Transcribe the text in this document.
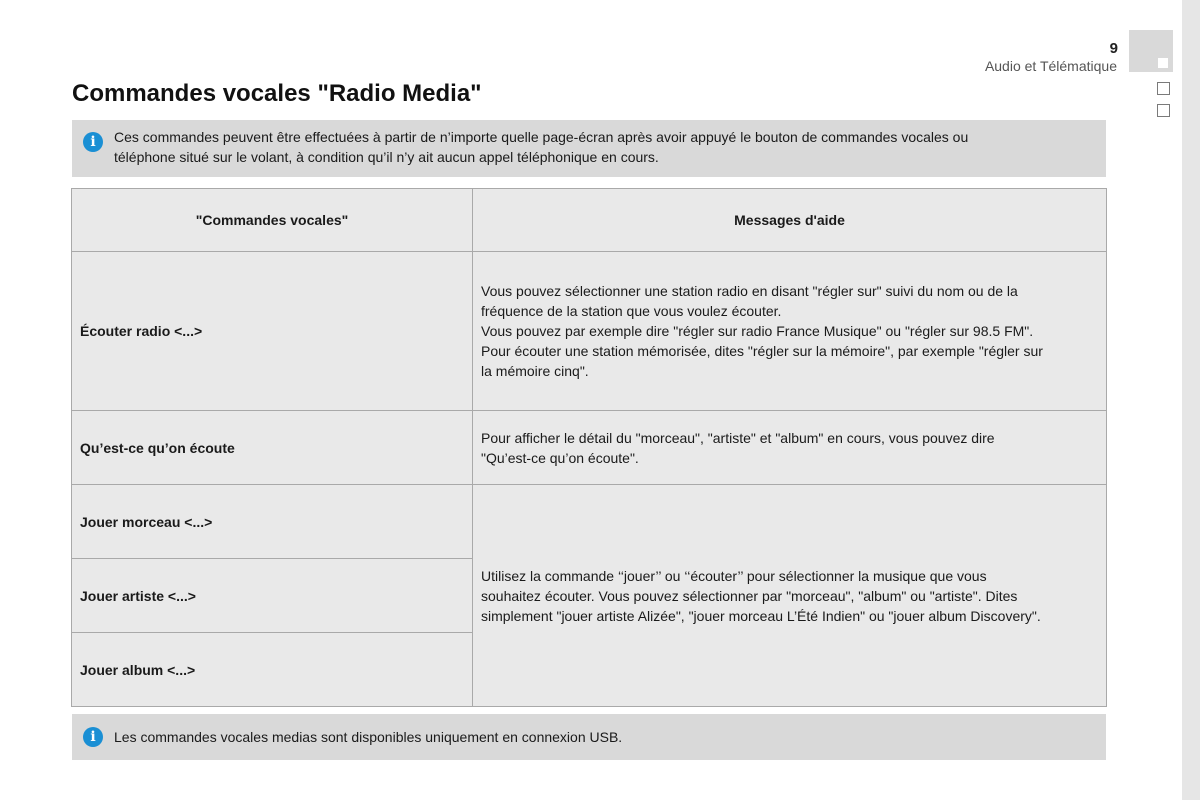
9
Audio et Télématique
Commandes vocales "Radio Media"
i	Ces commandes peuvent être effectuées à partir de n’importe quelle page-écran après avoir appuyé le bouton de commandes vocales ou
téléphone situé sur le volant, à condition qu’il n’y ait aucun appel téléphonique en cours.
"Commandes vocales"	Messages d'aide
Écouter radio <...>	Vous pouvez sélectionner une station radio en disant "régler sur" suivi du nom ou de la
fréquence de la station que vous voulez écouter.
Vous pouvez par exemple dire "régler sur radio France Musique" ou "régler sur 98.5 FM".
Pour écouter une station mémorisée, dites "régler sur la mémoire", par exemple "régler sur
la mémoire cinq".

Qu’est-ce qu’on écoute	Pour afficher le détail du "morceau", "artiste" et "album" en cours, vous pouvez dire
"Qu’est-ce qu’on écoute".

Jouer morceau <...>	Utilisez la commande ‘‘jouer’’ ou ‘‘écouter’’ pour sélectionner la musique que vous
souhaitez écouter. Vous pouvez sélectionner par "morceau", "album" ou "artiste". Dites
simplement "jouer artiste Alizée", "jouer morceau L’Été Indien" ou "jouer album Discovery".

Jouer artiste <...>	
Jouer album <...>	
i	Les commandes vocales medias sont disponibles uniquement en connexion USB.
